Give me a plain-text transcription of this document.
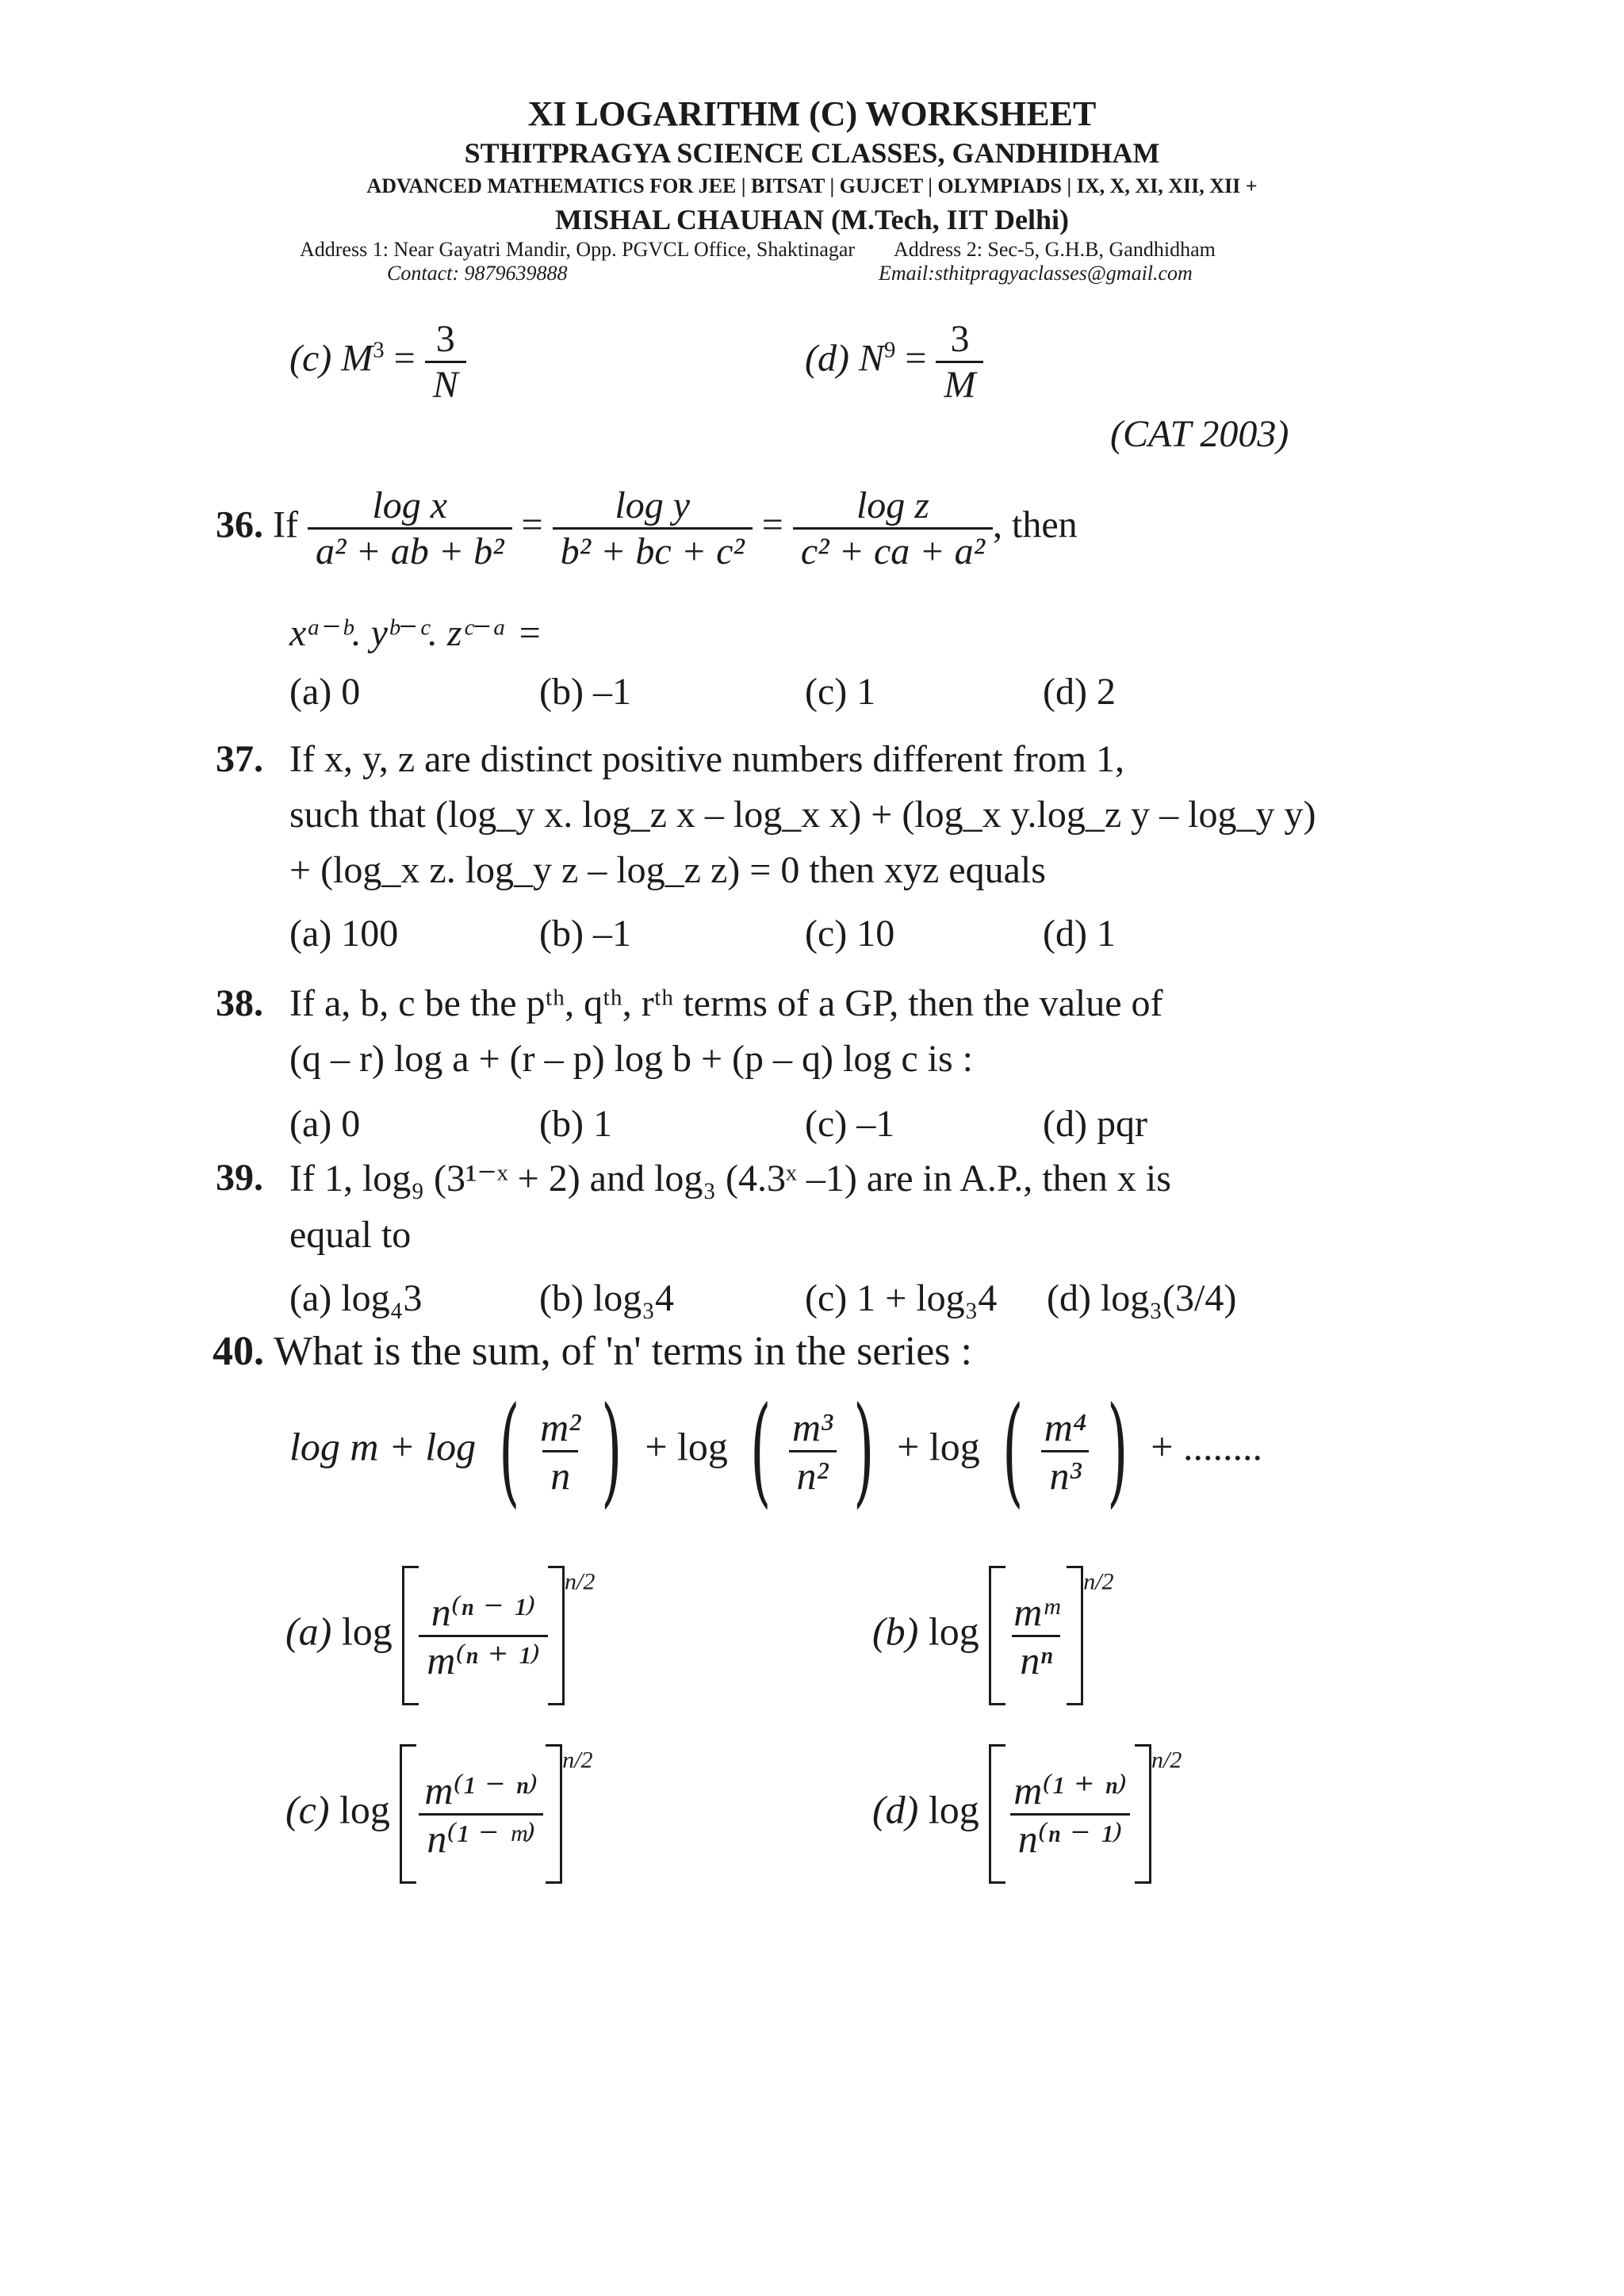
XI LOGARITHM (C) WORKSHEET
STHITPRAGYA SCIENCE CLASSES, GANDHIDHAM
ADVANCED MATHEMATICS FOR JEE | BITSAT | GUJCET | OLYMPIADS | IX, X, XI, XII, XII +
MISHAL CHAUHAN (M.Tech, IIT Delhi)
Address 1: Near Gayatri Mandir, Opp. PGVCL Office, Shaktinagar Address 2: Sec-5, G.H.B, Gandhidham
Contact: 9879639888	Email:sthitpragyaclasses@gmail.com
(c) $M^3 = \frac{3}{N}$	(d) $N^9 = \frac{3}{M}$
(CAT 2003)
36. If $\frac{\text{log x}}{\text{a² + ab + b²}} = \frac{\text{log y}}{\text{b² + bc + c²}} = \frac{\text{log z}}{\text{c² + ca + a²}}$ , then
xᵃ⁻ᵇ. yᵇ⁻ᶜ. zᶜ⁻ᵃ =
(a) 0	(b) –1	(c) 1	(d) 2
37. If x, y, z are distinct positive numbers different from 1,
such that (log_y x. log_z x – log_x x) + (log_x y.log_z y – log_y y)
+ (log_x z. log_y z – log_z z) = 0 then xyz equals
(a) 100	(b) –1	(c) 10	(d) 1
38. If a, b, c be the pᵗʰ, qᵗʰ, rᵗʰ terms of a GP, then the value of
(q – r) log a + (r – p) log b + (p – q) log c is :
(a) 0	(b) 1	(c) –1	(d) pqr
39. If 1, log₉ (3¹⁻ˣ + 2) and log₃ (4.3ˣ –1) are in A.P., then x is
equal to
(a) log₄3	(b) log₃4	(c) 1 + log₃4 (d) log₃(3/4)
40. What is the sum, of 'n' terms in the series :
log m + log ( $\frac{\text{m²}}{n}$ ) + log ( $\frac{\text{m³}}{\text{n²}}$ ) + log ( $\frac{\text{m⁴}}{\text{n³}}$ ) + ........
(a) $\log \frac{\text{n⁽ⁿ ⁻ ¹⁾}}{\text{m⁽ⁿ ⁺ ¹⁾}}$
$^{n/2}$
(b) $\log \frac{\text{mᵐ}}{\text{nⁿ}}$
$^{n/2}$
(c) $\log \frac{\text{m⁽¹ ⁻ ⁿ⁾}}{\text{n⁽¹ ⁻ ᵐ⁾}}$
$^{n/2}$
(d) $\log \frac{\text{m⁽¹ ⁺ ⁿ⁾}}{\text{n⁽ⁿ ⁻ ¹⁾}}$
$^{n/2}$
